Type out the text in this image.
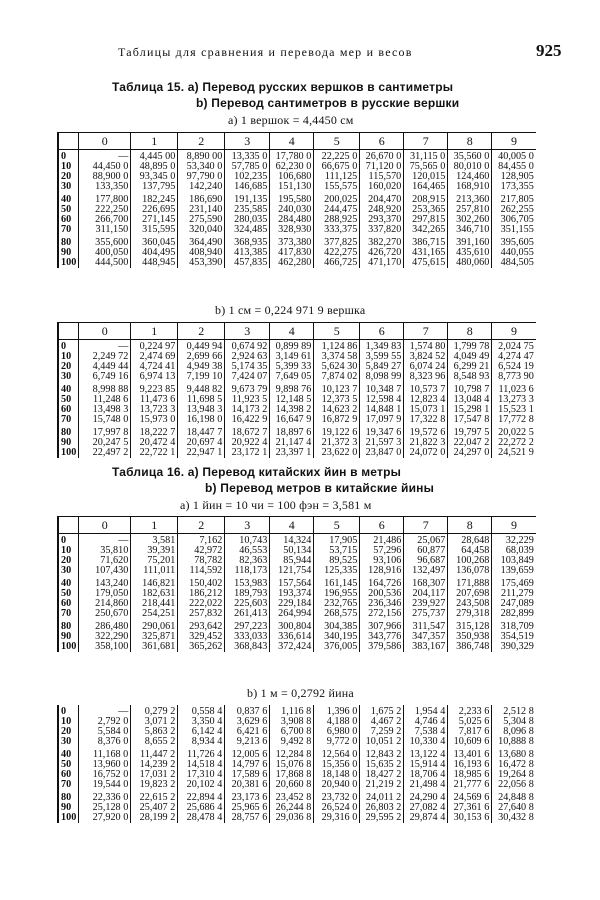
Таблицы для сравнения и перевода мер и весов	925
Таблица 15. а) Перевод русских вершков в сантиметры
b) Перевод сантиметров в русские вершки
а) 1 вершок = 4,4450 см
	0	1	2	3	4	5	6	7	8	9
0	—	4,445 00	8,890 00	13,335 0	17,780 0	22,225 0	26,670 0	31,115 0	35,560 0	40,005 0
10	44,450 0	48,895 0	53,340 0	57,785 0	62,230 0	66,675 0	71,120 0	75,565 0	80,010 0	84,455 0
20	88,900 0	93,345 0	97,790 0	102,235	106,680	111,125	115,570	120,015	124,460	128,905
30	133,350	137,795	142,240	146,685	151,130	155,575	160,020	164,465	168,910	173,355
40	177,800	182,245	186,690	191,135	195,580	200,025	204,470	208,915	213,360	217,805
50	222,250	226,695	231,140	235,585	240,030	244,475	248,920	253,365	257,810	262,255
60	266,700	271,145	275,590	280,035	284,480	288,925	293,370	297,815	302,260	306,705
70	311,150	315,595	320,040	324,485	328,930	333,375	337,820	342,265	346,710	351,155
80	355,600	360,045	364,490	368,935	373,380	377,825	382,270	386,715	391,160	395,605
90	400,050	404,495	408,940	413,385	417,830	422,275	426,720	431,165	435,610	440,055
100	444,500	448,945	453,390	457,835	462,280	466,725	471,170	475,615	480,060	484,505
b) 1 см = 0,224 971 9 вершка
	0	1	2	3	4	5	6	7	8	9
0	—	0,224 97	0,449 94	0,674 92	0,899 89	1,124 86	1,349 83	1,574 80	1,799 78	2,024 75
10	2,249 72	2,474 69	2,699 66	2,924 63	3,149 61	3,374 58	3,599 55	3,824 52	4,049 49	4,274 47
20	4,449 44	4,724 41	4,949 38	5,174 35	5,399 33	5,624 30	5,849 27	6,074 24	6,299 21	6,524 19
30	6,749 16	6,974 13	7,199 10	7,424 07	7,649 05	7,874 02	8,098 99	8,323 96	8,548 93	8,773 90
40	8,998 88	9,223 85	9,448 82	9,673 79	9,898 76	10,123 7	10,348 7	10,573 7	10,798 7	11,023 6
50	11,248 6	11,473 6	11,698 5	11,923 5	12,148 5	12,373 5	12,598 4	12,823 4	13,048 4	13,273 3
60	13,498 3	13,723 3	13,948 3	14,173 2	14,398 2	14,623 2	14,848 1	15,073 1	15,298 1	15,523 1
70	15,748 0	15,973 0	16,198 0	16,422 9	16,647 9	16,872 9	17,097 9	17,322 8	17,547 8	17,772 8
80	17,997 8	18,222 7	18,447 7	18,672 7	18,897 6	19,122 6	19,347 6	19,572 6	19,797 5	20,022 5
90	20,247 5	20,472 4	20,697 4	20,922 4	21,147 4	21,372 3	21,597 3	21,822 3	22,047 2	22,272 2
100	22,497 2	22,722 1	22,947 1	23,172 1	23,397 1	23,622 0	23,847 0	24,072 0	24,297 0	24,521 9
Таблица 16. а) Перевод китайских йин в метры
b) Перевод метров в китайские йины
а) 1 йин = 10 чи = 100 фэн = 3,581 м
	0	1	2	3	4	5	6	7	8	9
0	—	3,581	7,162	10,743	14,324	17,905	21,486	25,067	28,648	32,229
10	35,810	39,391	42,972	46,553	50,134	53,715	57,296	60,877	64,458	68,039
20	71,620	75,201	78,782	82,363	85,944	89,525	93,106	96,687	100,268	103,849
30	107,430	111,011	114,592	118,173	121,754	125,335	128,916	132,497	136,078	139,659
40	143,240	146,821	150,402	153,983	157,564	161,145	164,726	168,307	171,888	175,469
50	179,050	182,631	186,212	189,793	193,374	196,955	200,536	204,117	207,698	211,279
60	214,860	218,441	222,022	225,603	229,184	232,765	236,346	239,927	243,508	247,089
70	250,670	254,251	257,832	261,413	264,994	268,575	272,156	275,737	279,318	282,899
80	286,480	290,061	293,642	297,223	300,804	304,385	307,966	311,547	315,128	318,709
90	322,290	325,871	329,452	333,033	336,614	340,195	343,776	347,357	350,938	354,519
100	358,100	361,681	365,262	368,843	372,424	376,005	379,586	383,167	386,748	390,329
b) 1 м = 0,2792 йина
0	—	0,279 2	0,558 4	0,837 6	1,116 8	1,396 0	1,675 2	1,954 4	2,233 6	2,512 8
10	2,792 0	3,071 2	3,350 4	3,629 6	3,908 8	4,188 0	4,467 2	4,746 4	5,025 6	5,304 8
20	5,584 0	5,863 2	6,142 4	6,421 6	6,700 8	6,980 0	7,259 2	7,538 4	7,817 6	8,096 8
30	8,376 0	8,655 2	8,934 4	9,213 6	9,492 8	9,772 0	10,051 2	10,330 4	10,609 6	10,888 8
40	11,168 0	11,447 2	11,726 4	12,005 6	12,284 8	12,564 0	12,843 2	13,122 4	13,401 6	13,680 8
50	13,960 0	14,239 2	14,518 4	14,797 6	15,076 8	15,356 0	15,635 2	15,914 4	16,193 6	16,472 8
60	16,752 0	17,031 2	17,310 4	17,589 6	17,868 8	18,148 0	18,427 2	18,706 4	18,985 6	19,264 8
70	19,544 0	19,823 2	20,102 4	20,381 6	20,660 8	20,940 0	21,219 2	21,498 4	21,777 6	22,056 8
80	22,336 0	22,615 2	22,894 4	23,173 6	23,452 8	23,732 0	24,011 2	24,290 4	24,569 6	24,848 8
90	25,128 0	25,407 2	25,686 4	25,965 6	26,244 8	26,524 0	26,803 2	27,082 4	27,361 6	27,640 8
100	27,920 0	28,199 2	28,478 4	28,757 6	29,036 8	29,316 0	29,595 2	29,874 4	30,153 6	30,432 8
